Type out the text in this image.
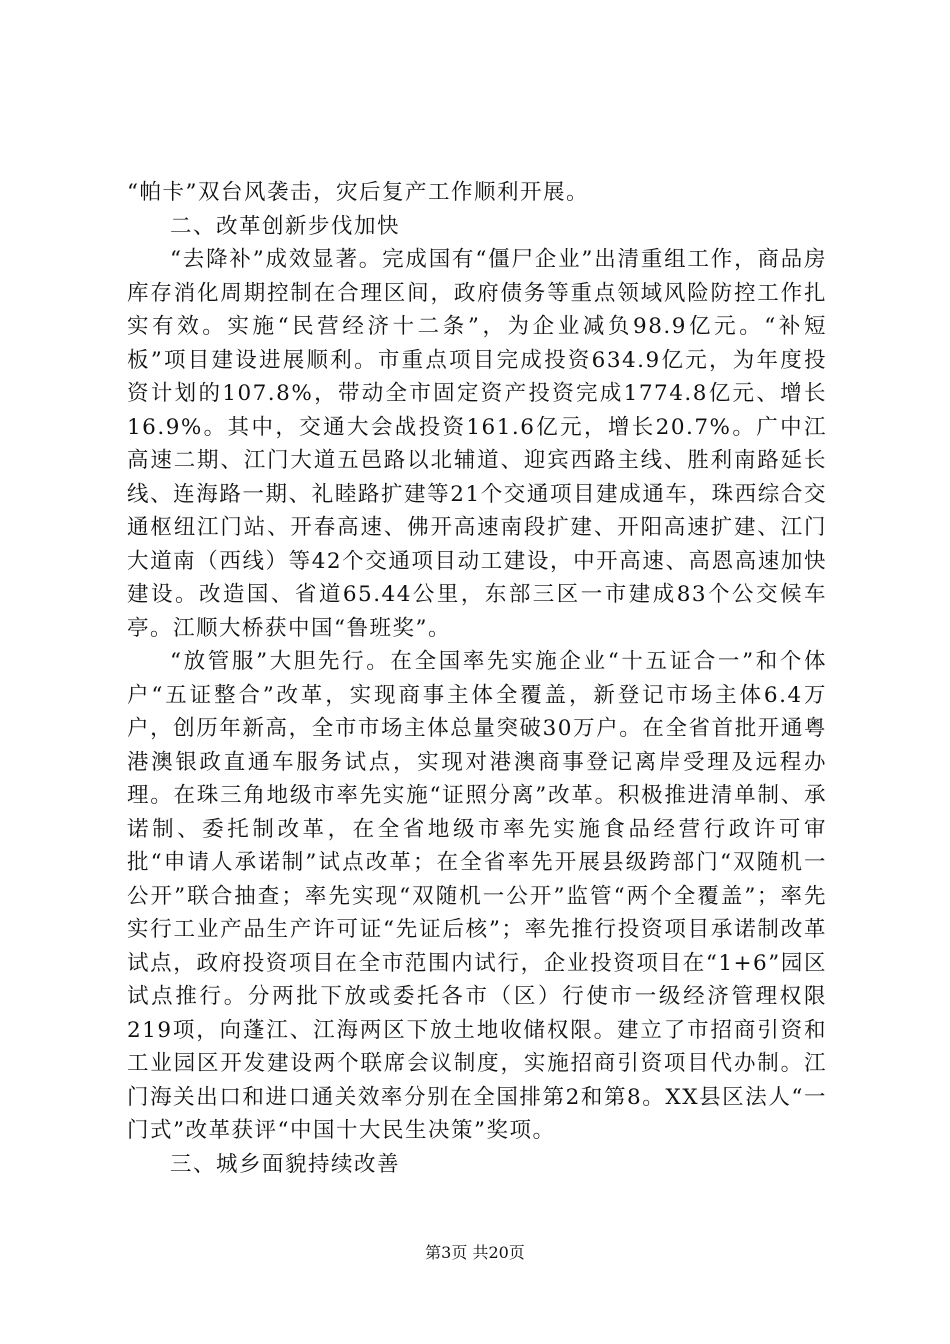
“帕卡”双台风袭击，灾后复产工作顺利开展。

二、改革创新步伐加快

“去降补”成效显著。完成国有“僵尸企业”出清重组工作，商品房库存消化周期控制在合理区间，政府债务等重点领域风险防控工作扎实有效。实施“民营经济十二条”，为企业减负98.9亿元。“补短板”项目建设进展顺利。市重点项目完成投资634.9亿元，为年度投资计划的107.8%，带动全市固定资产投资完成1774.8亿元、增长16.9%。其中，交通大会战投资161.6亿元，增长20.7%。广中江高速二期、江门大道五邑路以北辅道、迎宾西路主线、胜利南路延长线、连海路一期、礼睦路扩建等21个交通项目建成通车，珠西综合交通枢纽江门站、开春高速、佛开高速南段扩建、开阳高速扩建、江门大道南（西线）等42个交通项目动工建设，中开高速、高恩高速加快建设。改造国、省道65.44公里，东部三区一市建成83个公交候车亭。江顺大桥获中国“鲁班奖”。

“放管服”大胆先行。在全国率先实施企业“十五证合一”和个体户“五证整合”改革，实现商事主体全覆盖，新登记市场主体6.4万户，创历年新高，全市市场主体总量突破30万户。在全省首批开通粤港澳银政直通车服务试点，实现对港澳商事登记离岸受理及远程办理。在珠三角地级市率先实施“证照分离”改革。积极推进清单制、承诺制、委托制改革，在全省地级市率先实施食品经营行政许可审批“申请人承诺制”试点改革；在全省率先开展县级跨部门“双随机一公开”联合抽查；率先实现“双随机一公开”监管“两个全覆盖”；率先实行工业产品生产许可证“先证后核”；率先推行投资项目承诺制改革试点，政府投资项目在全市范围内试行，企业投资项目在“1+6”园区试点推行。分两批下放或委托各市（区）行使市一级经济管理权限219项，向蓬江、江海两区下放土地收储权限。建立了市招商引资和工业园区开发建设两个联席会议制度，实施招商引资项目代办制。江门海关出口和进口通关效率分别在全国排第2和第8。XX县区法人“一门式”改革获评“中国十大民生决策”奖项。

三、城乡面貌持续改善

第3页 共20页
